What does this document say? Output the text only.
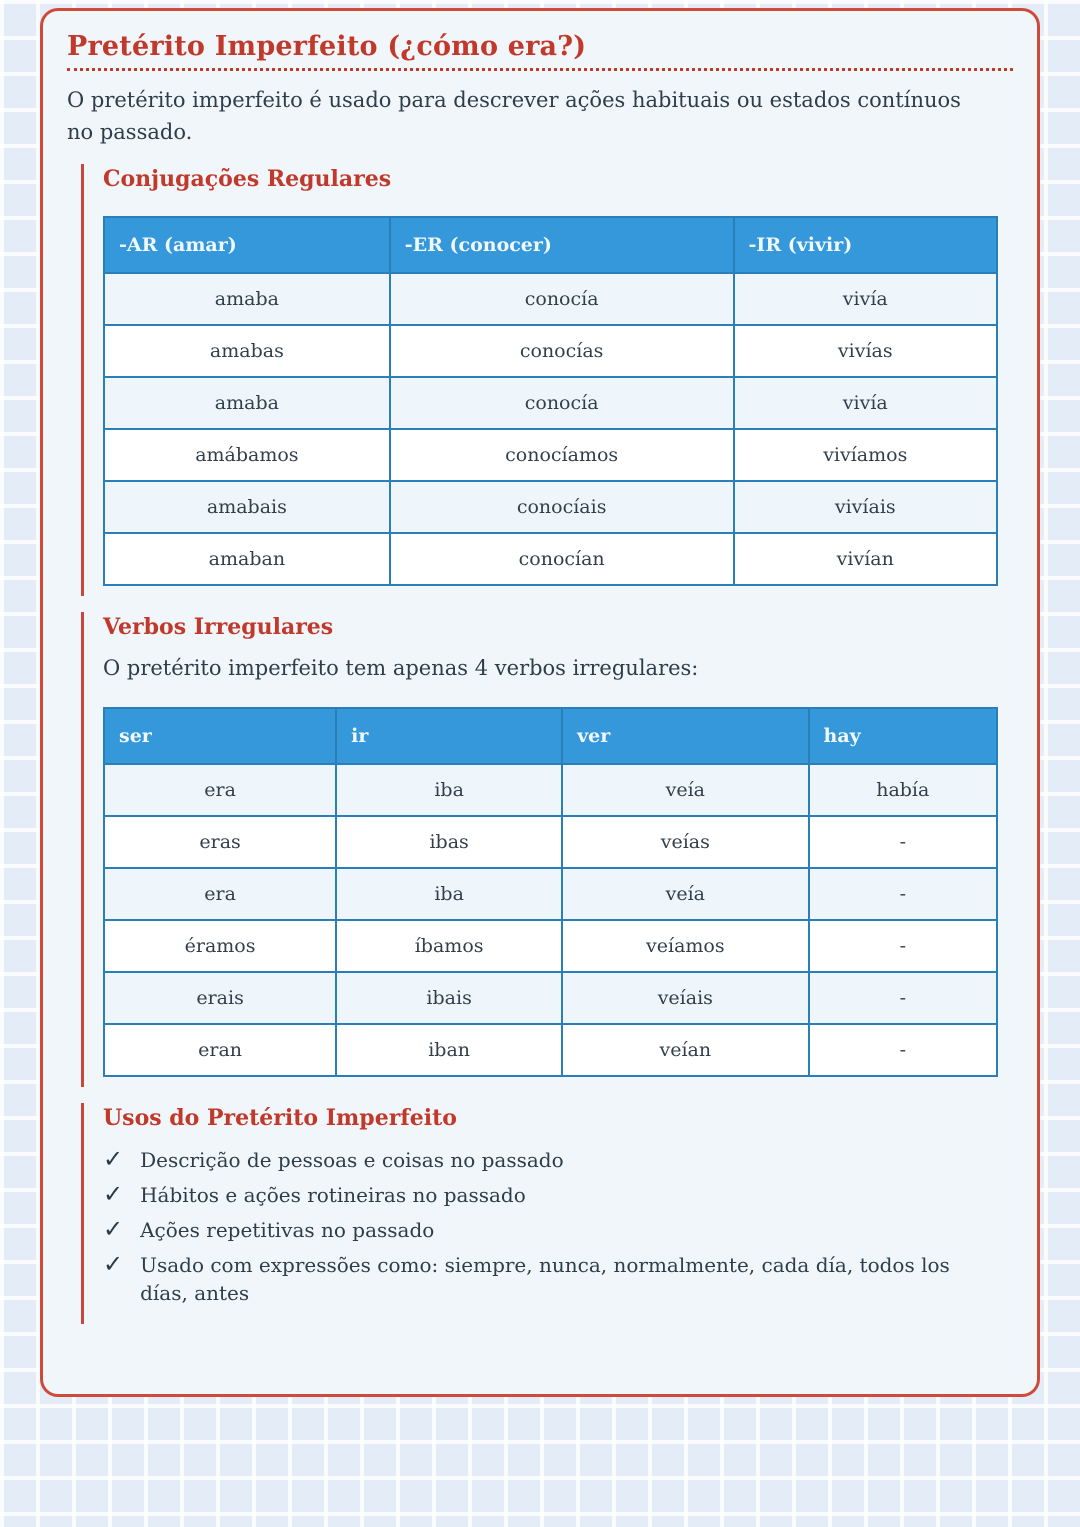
Pretérito Imperfeito (¿cómo era?)

O pretérito imperfeito é usado para descrever ações habituais ou estados contínuos no passado.

Conjugações Regulares
-AR (amar)	-ER (conocer)	-IR (vivir)
amaba	conocía	vivía
amabas	conocías	vivías
amaba	conocía	vivía
amábamos	conocíamos	vivíamos
amabais	conocíais	vivíais
amaban	conocían	vivían
Verbos Irregulares

O pretérito imperfeito tem apenas 4 verbos irregulares:

ser	ir	ver	hay
era	iba	veía	había
eras	ibas	veías	-
era	iba	veía	-
éramos	íbamos	veíamos	-
erais	ibais	veíais	-
eran	iban	veían	-
Usos do Pretérito Imperfeito
✓ Descrição de pessoas e coisas no passado
✓ Hábitos e ações rotineiras no passado
✓ Ações repetitivas no passado
✓ Usado com expressões como: siempre, nunca, normalmente, cada día, todos los días, antes
